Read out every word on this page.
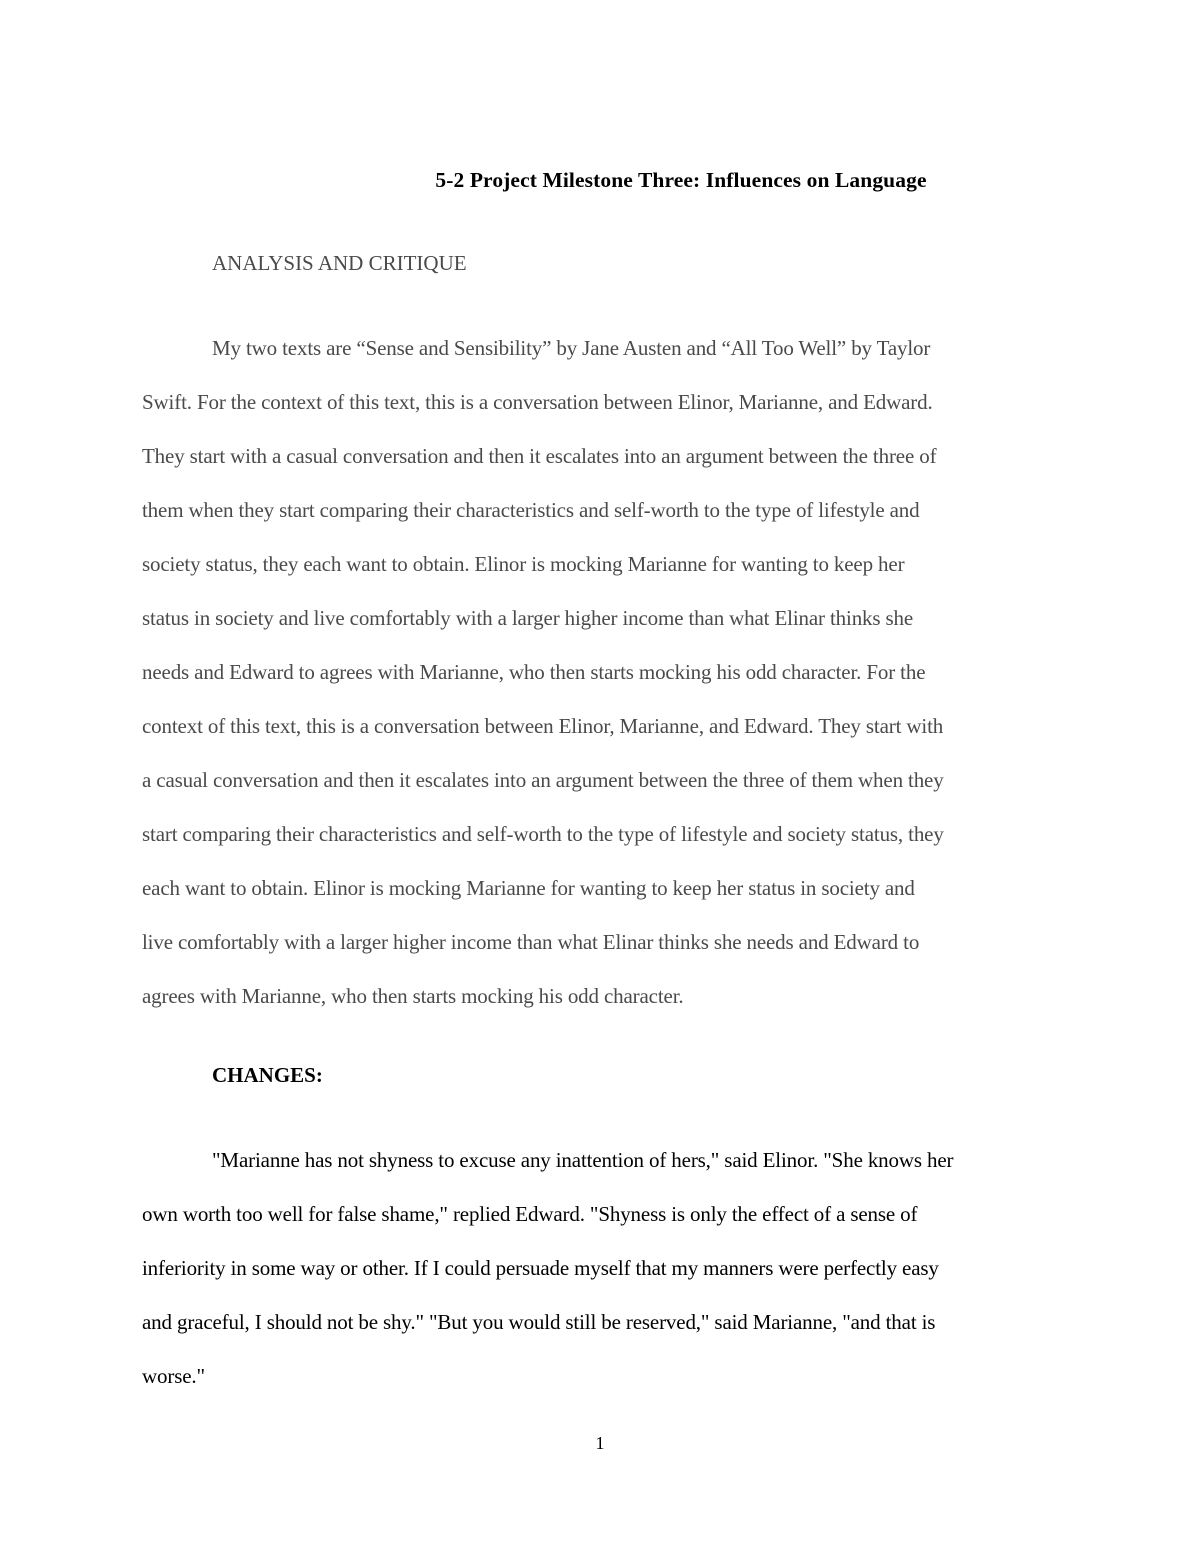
5-2 Project Milestone Three: Influences on Language
ANALYSIS AND CRITIQUE
My two texts are “Sense and Sensibility” by Jane Austen and “All Too Well” by Taylor
Swift. For the context of this text, this is a conversation between Elinor, Marianne, and Edward.
They start with a casual conversation and then it escalates into an argument between the three of
them when they start comparing their characteristics and self-worth to the type of lifestyle and
society status, they each want to obtain. Elinor is mocking Marianne for wanting to keep her
status in society and live comfortably with a larger higher income than what Elinar thinks she
needs and Edward to agrees with Marianne, who then starts mocking his odd character. For the
context of this text, this is a conversation between Elinor, Marianne, and Edward. They start with
a casual conversation and then it escalates into an argument between the three of them when they
start comparing their characteristics and self-worth to the type of lifestyle and society status, they
each want to obtain. Elinor is mocking Marianne for wanting to keep her status in society and
live comfortably with a larger higher income than what Elinar thinks she needs and Edward to
agrees with Marianne, who then starts mocking his odd character.
CHANGES:
"Marianne has not shyness to excuse any inattention of hers," said Elinor. "She knows her
own worth too well for false shame," replied Edward. "Shyness is only the effect of a sense of
inferiority in some way or other. If I could persuade myself that my manners were perfectly easy
and graceful, I should not be shy." "But you would still be reserved," said Marianne, "and that is
worse."
1
